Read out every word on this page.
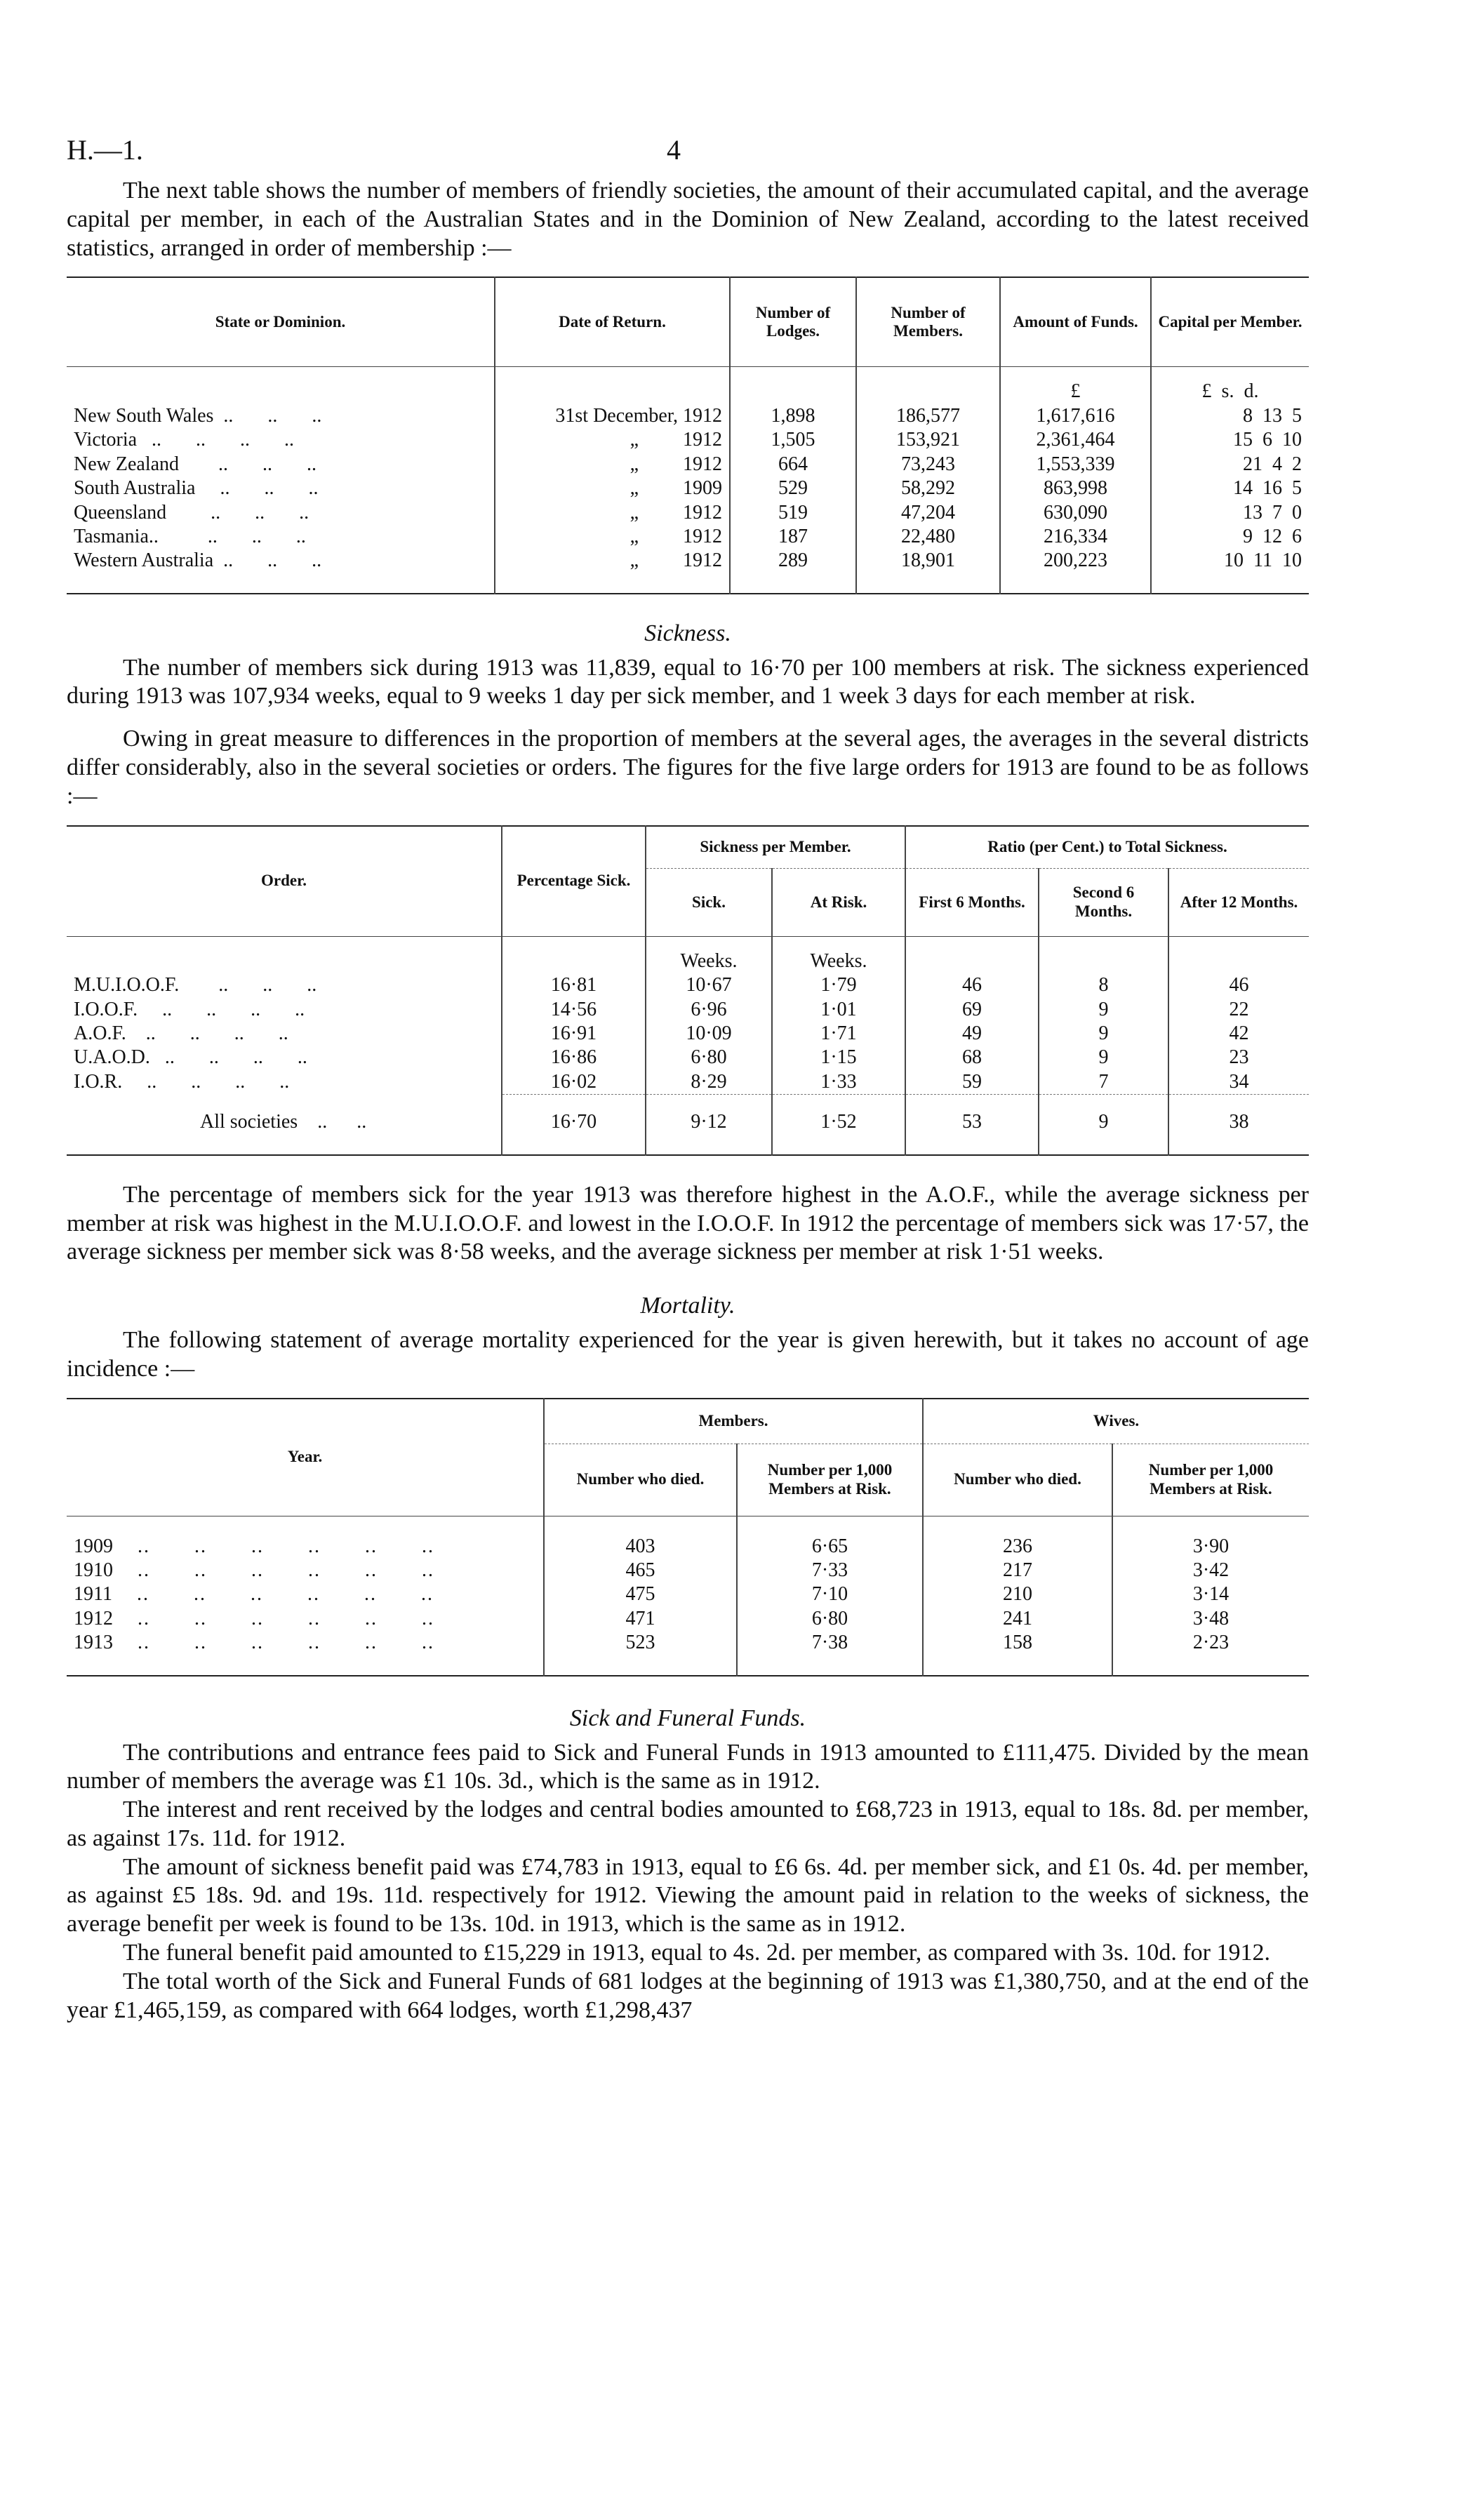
H.—1.	4

The next table shows the number of members of friendly societies, the amount of their accumulated capital, and the average capital per member, in each of the Australian States and in the Dominion of New Zealand, according to the latest received statistics, arranged in order of membership :—

State or Dominion.	Date of Return.	Number of Lodges.	Number of Members.	Amount of Funds.	Capital per Member.
				£	£  s.  d.
New South Wales  ..       ..       ..	31st December, 1912	1,898	186,577	1,617,616	8  13  5
Victoria   ..       ..       ..       ..	„         1912	1,505	153,921	2,361,464	15  6  10
New Zealand        ..       ..       ..	„         1912	664	73,243	1,553,339	21  4  2
South Australia     ..       ..       ..	„         1909	529	58,292	863,998	14  16  5
Queensland         ..       ..       ..	„         1912	519	47,204	630,090	13  7  0
Tasmania..          ..       ..       ..	„         1912	187	22,480	216,334	9  12  6
Western Australia  ..       ..       ..	„         1912	289	18,901	200,223	10  11  10
Sickness.

The number of members sick during 1913 was 11,839, equal to 16·70 per 100 members at risk. The sickness experienced during 1913 was 107,934 weeks, equal to 9 weeks 1 day per sick member, and 1 week 3 days for each member at risk.

Owing in great measure to differences in the proportion of members at the several ages, the averages in the several districts differ considerably, also in the several societies or orders. The figures for the five large orders for 1913 are found to be as follows :—

Order.	Percentage Sick.	Sickness per Member.		Ratio (per Cent.) to Total Sickness.		
		Sick.	At Risk.	First 6 Months.	Second 6 Months.	After 12 Months.
		Weeks.	Weeks.			
M.U.I.O.O.F.        ..       ..       ..	16·81	10·67	1·79	46	8	46
I.O.O.F.     ..       ..       ..       ..	14·56	6·96	1·01	69	9	22
A.O.F.    ..       ..       ..       ..	16·91	10·09	1·71	49	9	42
U.A.O.D.   ..       ..       ..       ..	16·86	6·80	1·15	68	9	23
I.O.R.     ..       ..       ..       ..	16·02	8·29	1·33	59	7	34
All societies    ..      ..	16·70	9·12	1·52	53	9	38

The percentage of members sick for the year 1913 was therefore highest in the A.O.F., while the average sickness per member at risk was highest in the M.U.I.O.O.F. and lowest in the I.O.O.F. In 1912 the percentage of members sick was 17·57, the average sickness per member sick was 8·58 weeks, and the average sickness per member at risk 1·51 weeks.

Mortality.

The following statement of average mortality experienced for the year is given herewith, but it takes no account of age incidence :—

Year.	Members.		Wives.	
	Number who died.	Number per 1,000 Members at Risk.	Number who died.	Number per 1,000 Members at Risk.
1909 ..       ..       ..       ..       ..       ..	403	6·65	236	3·90
1910 ..       ..       ..       ..       ..       ..	465	7·33	217	3·42
1911 ..       ..       ..       ..       ..       ..	475	7·10	210	3·14
1912 ..       ..       ..       ..       ..       ..	471	6·80	241	3·48
1913 ..       ..       ..       ..       ..       ..	523	7·38	158	2·23
Sick and Funeral Funds.

The contributions and entrance fees paid to Sick and Funeral Funds in 1913 amounted to £111,475. Divided by the mean number of members the average was £1 10s. 3d., which is the same as in 1912.

The interest and rent received by the lodges and central bodies amounted to £68,723 in 1913, equal to 18s. 8d. per member, as against 17s. 11d. for 1912.

The amount of sickness benefit paid was £74,783 in 1913, equal to £6 6s. 4d. per member sick, and £1 0s. 4d. per member, as against £5 18s. 9d. and 19s. 11d. respectively for 1912. Viewing the amount paid in relation to the weeks of sickness, the average benefit per week is found to be 13s. 10d. in 1913, which is the same as in 1912.

The funeral benefit paid amounted to £15,229 in 1913, equal to 4s. 2d. per member, as compared with 3s. 10d. for 1912.

The total worth of the Sick and Funeral Funds of 681 lodges at the beginning of 1913 was £1,380,750, and at the end of the year £1,465,159, as compared with 664 lodges, worth £1,298,437
